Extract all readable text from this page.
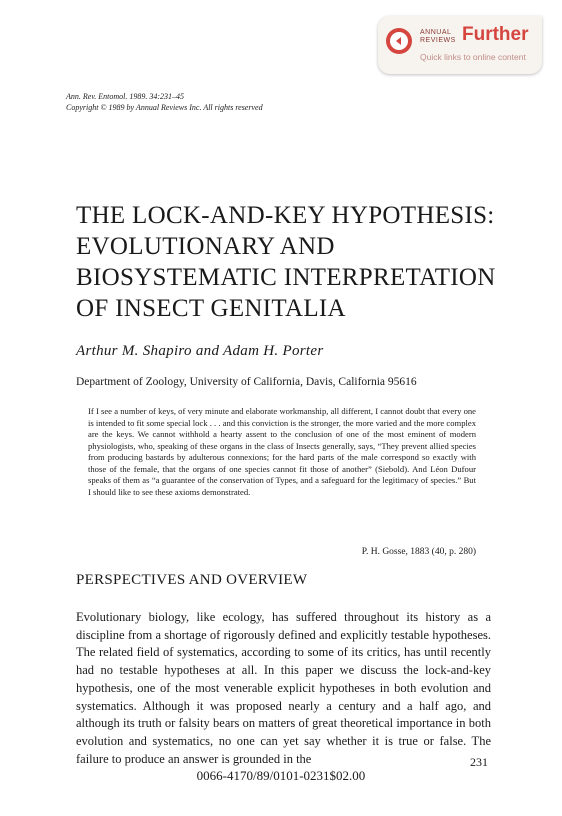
ANNUAL
REVIEWS Further
Quick links to online content
Ann. Rev. Entomol. 1989. 34:231–45
Copyright © 1989 by Annual Reviews Inc. All rights reserved
THE LOCK-AND-KEY HYPOTHESIS:
EVOLUTIONARY AND
BIOSYSTEMATIC INTERPRETATION
OF INSECT GENITALIA
Arthur M. Shapiro and Adam H. Porter
Department of Zoology, University of California, Davis, California 95616

If I see a number of keys, of very minute and elaborate workmanship, all different, I cannot doubt that every one is intended to fit some special lock . . . and this conviction is the stronger, the more varied and the more complex are the keys. We cannot withhold a hearty assent to the conclusion of one of the most eminent of modern physiologists, who, speaking of these organs in the class of Insects generally, says, “They prevent allied species from producing bastards by adulterous connexions; for the hard parts of the male correspond so exactly with those of the female, that the organs of one species cannot fit those of another” (Siebold). And Léon Dufour speaks of them as “a guarantee of the conservation of Types, and a safeguard for the legitimacy of species.” But I should like to see these axioms demonstrated.

P. H. Gosse, 1883 (40, p. 280)
PERSPECTIVES AND OVERVIEW

Evolutionary biology, like ecology, has suffered throughout its history as a discipline from a shortage of rigorously defined and explicitly testable hypotheses. The related field of systematics, according to some of its critics, has until recently had no testable hypotheses at all. In this paper we discuss the lock-and-key hypothesis, one of the most venerable explicit hypotheses in both evolution and systematics. Although it was proposed nearly a century and a half ago, and although its truth or falsity bears on matters of great theoretical importance in both evolution and systematics, no one can yet say whether it is true or false. The failure to produce an answer is grounded in the	231
0066-4170/89/0101-0231$02.00
